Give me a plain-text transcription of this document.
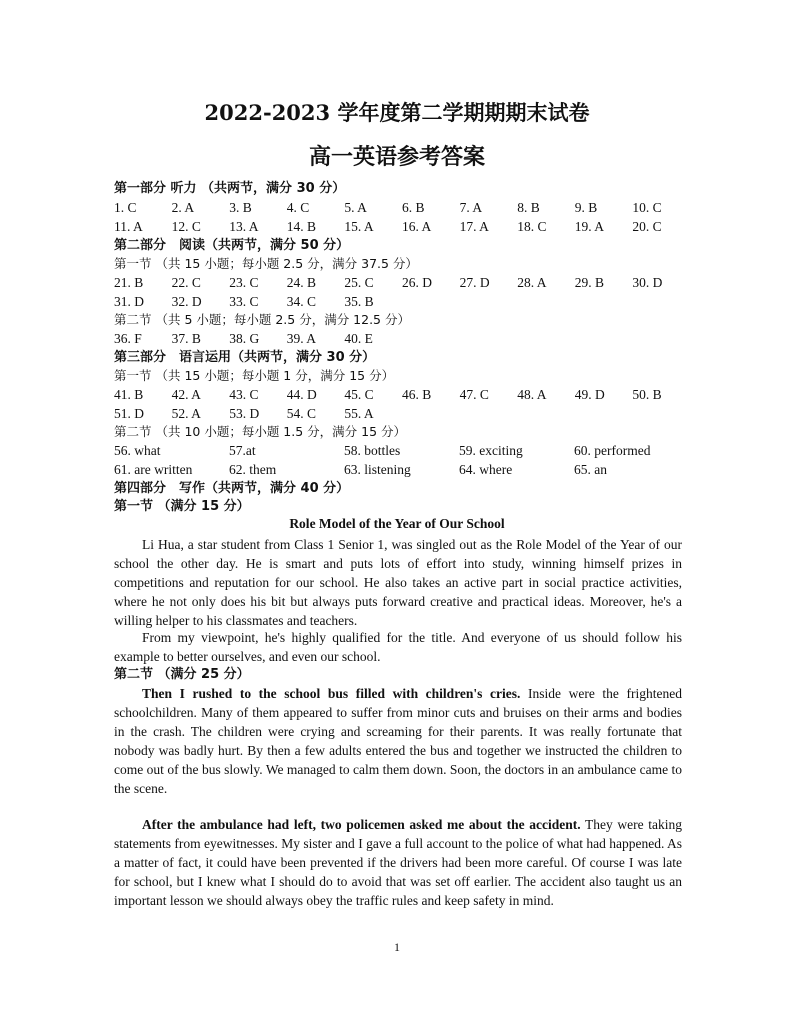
2022-2023 学年度第二学期期期末试卷
高一英语参考答案
第一部分 听力 （共两节，满分 30 分）
1. C	2. A	3. B	4. C	5. A	6. B	7. A	8. B	9. B	10. C
11. A 12. C 13. A 14. B 15. A 16. A 17. A 18. C 19. A 20. C
第二部分　阅读（共两节，满分 50 分）
第一节 （共 15 小题；每小题 2.5 分，满分 37.5 分）
21. B 22. C 23. C 24. B 25. C 26. D 27. D 28. A 29. B 30. D
31. D 32. D 33. C 34. C 35. B
第二节 （共 5 小题；每小题 2.5 分，满分 12.5 分）
36. F 37. B 38. G 39. A 40. E
第三部分　语言运用（共两节，满分 30 分）
第一节 （共 15 小题；每小题 1 分，满分 15 分）
41. B 42. A 43. C 44. D 45. C 46. B 47. C 48. A 49. D 50. B
51. D 52. A 53. D 54. C 55. A
第二节 （共 10 小题；每小题 1.5 分，满分 15 分）
56. what	57.at	58. bottles	59. exciting	60. performed
61. are written	62. them	63. listening	64. where	65. an
第四部分　写作（共两节，满分 40 分）
第一节 （满分 15 分）
Role Model of the Year of Our School

Li Hua, a star student from Class 1 Senior 1, was singled out as the Role Model of the Year of our school the other day. He is smart and puts lots of effort into study, winning himself prizes in competitions and reputation for our school. He also takes an active part in social practice activities, where he not only does his bit but always puts forward creative and practical ideas. Moreover, he's a willing helper to his classmates and teachers.

From my viewpoint, he's highly qualified for the title. And everyone of us should follow his example to better ourselves, and even our school.

第二节 （满分 25 分）

Then I rushed to the school bus filled with children's cries. Inside were the frightened schoolchildren. Many of them appeared to suffer from minor cuts and bruises on their arms and bodies in the crash. The children were crying and screaming for their parents. It was really fortunate that nobody was badly hurt. By then a few adults entered the bus and together we instructed the children to come out of the bus slowly. We managed to calm them down. Soon, the doctors in an ambulance came to the scene.

After the ambulance had left, two policemen asked me about the accident. They were taking statements from eyewitnesses. My sister and I gave a full account to the police of what had happened. As a matter of fact, it could have been prevented if the drivers had been more careful. Of course I was late for school, but I knew what I should do to avoid that was set off earlier. The accident also taught us an important lesson we should always obey the traffic rules and keep safety in mind.

1
